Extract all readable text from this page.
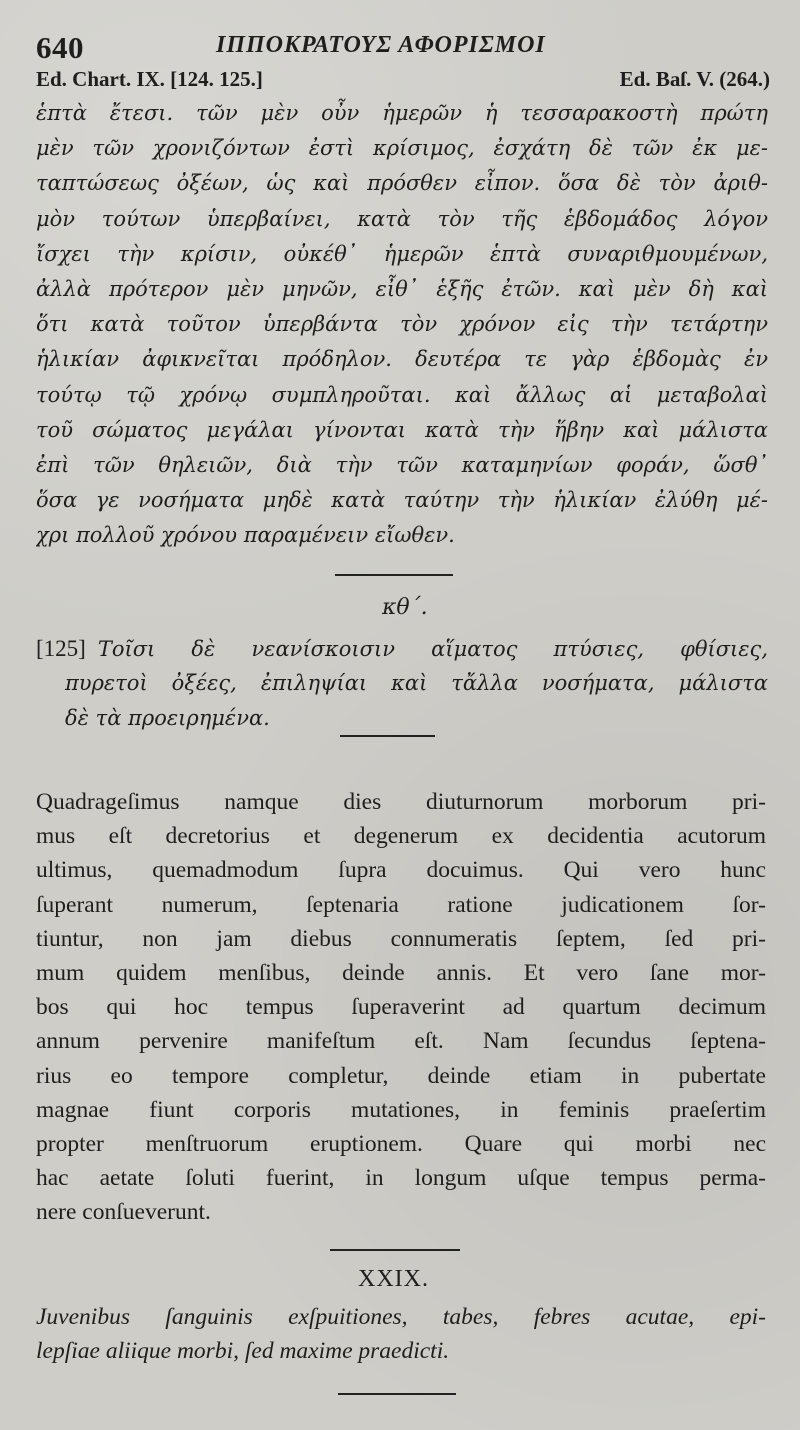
640	ΙΠΠΟΚΡΑΤΟΥΣ ΑΦΟΡΙΣΜΟΙ
Ed. Chart. IX. [124. 125.]	Ed. Baſ. V. (264.)
ἑπτὰ ἔτεσι. τῶν μὲν οὖν ἡμερῶν ἡ τεσσαρακοστὴ πρώτη
μὲν τῶν χρονιζόντων ἐστὶ κρίσιμος, ἐσχάτη δὲ τῶν ἐκ με-
ταπτώσεως ὀξέων, ὡς καὶ πρόσθεν εἶπον. ὅσα δὲ τὸν ἀριθ-
μὸν τούτων ὑπερβαίνει, κατὰ τὸν τῆς ἑβδομάδος λόγον
ἴσχει τὴν κρίσιν, οὐκέθ᾽ ἡμερῶν ἑπτὰ συναριθμουμένων,
ἀλλὰ πρότερον μὲν μηνῶν, εἶθ᾽ ἑξῆς ἐτῶν. καὶ μὲν δὴ καὶ
ὅτι κατὰ τοῦτον ὑπερβάντα τὸν χρόνον εἰς τὴν τετάρτην
ἡλικίαν ἀφικνεῖται πρόδηλον. δευτέρα τε γὰρ ἑβδομὰς ἐν
τούτῳ τῷ χρόνῳ συμπληροῦται. καὶ ἄλλως αἱ μεταβολαὶ
τοῦ σώματος μεγάλαι γίνονται κατὰ τὴν ἥβην καὶ μάλιστα
ἐπὶ τῶν θηλειῶν, διὰ τὴν τῶν καταμηνίων φοράν, ὥσθ᾽
ὅσα γε νοσήματα μηδὲ κατὰ ταύτην τὴν ἡλικίαν ἐλύθη μέ-
χρι πολλοῦ χρόνου παραμένειν εἴωθεν.
κθ΄.
[125] Τοῖσι δὲ νεανίσκοισιν αἵματος πτύσιες, φθίσιες,
πυρετοὶ ὀξέες, ἐπιληψίαι καὶ τἄλλα νοσήματα, μάλιστα
δὲ τὰ προειρημένα.
Quadrageſimus namque dies diuturnorum morborum pri-
mus eſt decretorius et degenerum ex decidentia acutorum
ultimus, quemadmodum ſupra docuimus. Qui vero hunc
ſuperant numerum, ſeptenaria ratione judicationem ſor-
tiuntur, non jam diebus connumeratis ſeptem, ſed pri-
mum quidem menſibus, deinde annis. Et vero ſane mor-
bos qui hoc tempus ſuperaverint ad quartum decimum
annum pervenire manifeſtum eſt. Nam ſecundus ſeptena-
rius eo tempore completur, deinde etiam in pubertate
magnae fiunt corporis mutationes, in feminis praeſertim
propter menſtruorum eruptionem. Quare qui morbi nec
hac aetate ſoluti fuerint, in longum uſque tempus perma-
nere conſueverunt.
XXIX.
Juvenibus ſanguinis exſpuitiones, tabes, febres acutae, epi-
lepſiae aliique morbi, ſed maxime praedicti.
